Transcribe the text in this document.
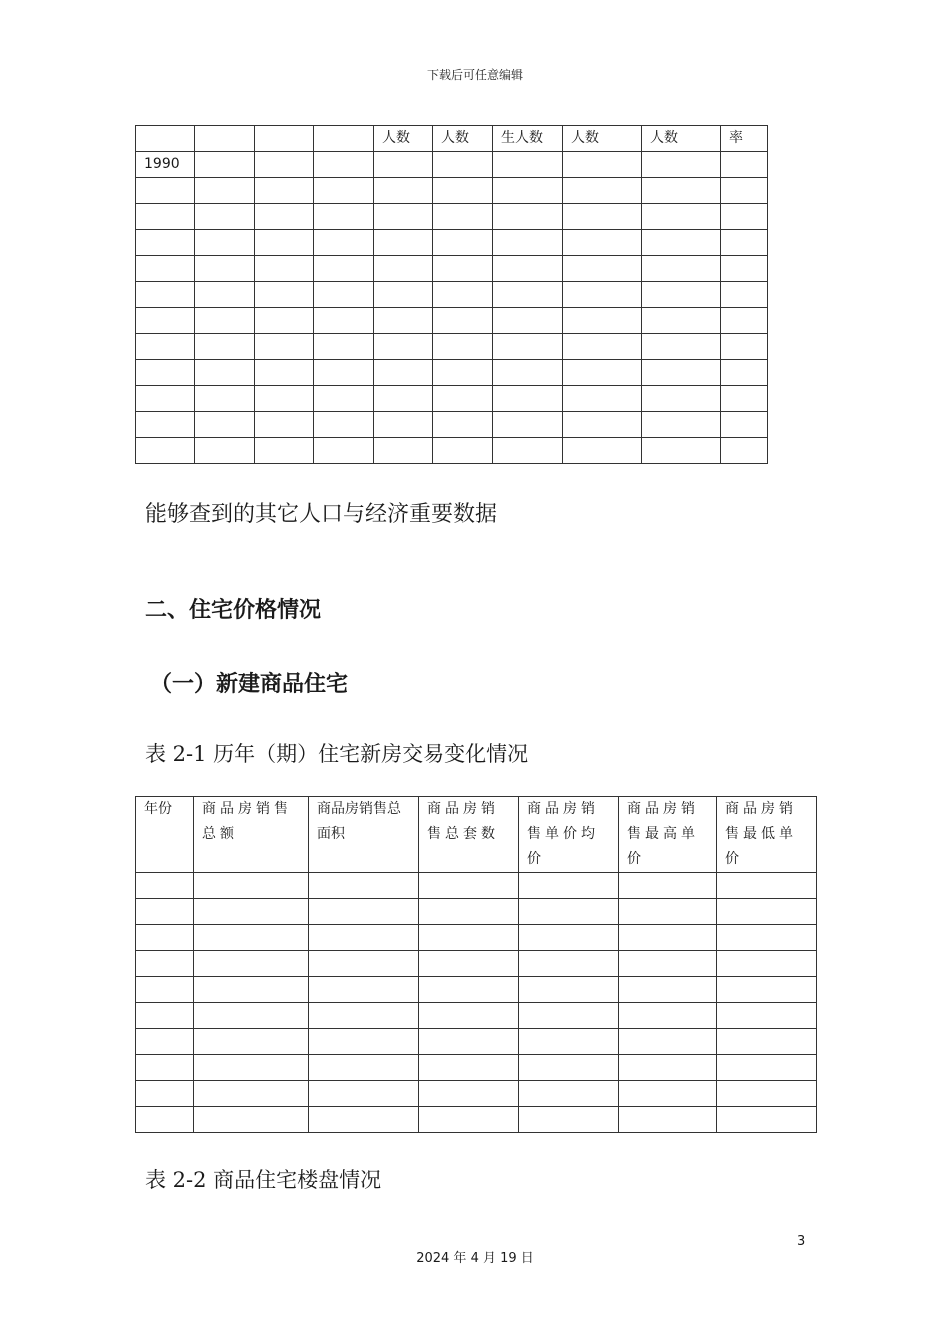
下载后可任意编辑
				人数	人数	生人数	人数	人数	率
1990									

能够查到的其它人口与经济重要数据
二、住宅价格情况
（一）新建商品住宅
表 2-1 历年（期）住宅新房交易变化情况
年份	商品房销售总额	商品房销售总面积	商品房销售总套数	商品房销售单价均价	商品房销售最高单价	商品房销售最低单价

表 2-2 商品住宅楼盘情况
3
2024 年 4 月 19 日
